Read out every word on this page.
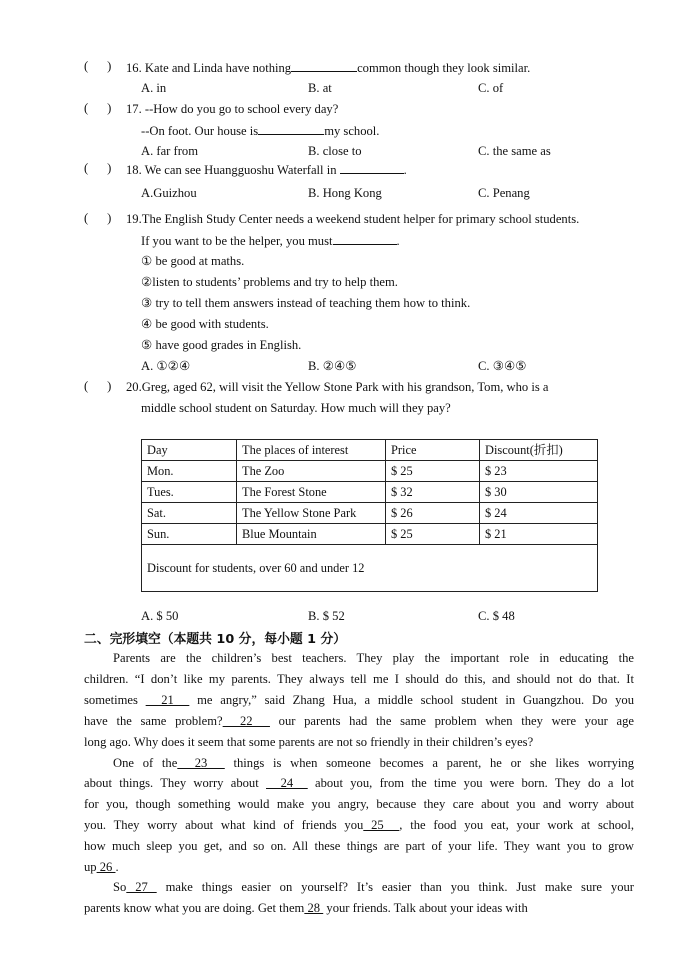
(      ) 16. Kate and Linda have nothing	common though they look similar.
A. in	B. at	C. of
(      ) 17. --How do you go to school every day?
--On foot. Our house is	my school.
A. far from	B. close to	C. the same as
(      ) 18. We can see Huangguoshu Waterfall in	.
A.Guizhou	B. Hong Kong	C. Penang
(      ) 19.The English Study Center needs a weekend student helper for primary school students.
If you want to be the helper, you must	.
① be good at maths.
②listen to students’ problems and try to help them.
③ try to tell them answers instead of teaching them how to think.
④ be good with students.
⑤ have good grades in English.
A. ①②④	B. ②④⑤	C. ③④⑤
(      ) 20.Greg, aged 62, will visit the Yellow Stone Park with his grandson, Tom, who is a
middle school student on Saturday. How much will they pay?
Day	The places of interest	Price	Discount(折扣)
Mon.	The Zoo	$ 25	$ 23
Tues.	The Forest Stone	$ 32	$ 30
Sat.	The Yellow Stone Park	$ 26	$ 24
Sun.	Blue Mountain	$ 25	$ 21
Discount for students, over 60 and under 12			
A. $ 50	B. $ 52	C. $ 48
二、完形填空（本题共 10 分，每小题 1 分）
Parents are the children’s best teachers. They play the important role in educating the
children. “I don’t like my parents. They always tell me I should do this, and should not do that. It
sometimes   21   me angry,” said Zhang Hua, a middle school student in Guangzhou. Do you
have the same problem?  22   our parents had the same problem when they were your age
long ago. Why does it seem that some parents are not so friendly in their children’s eyes?
One of the  23   things is when someone becomes a parent, he or she likes worrying
about things. They worry about   24   about you, from the time you were born. They do a lot
for you, though something would make you angry, because they care about you and worry about
you. They worry about what kind of friends you 25  , the food you eat, your work at school,
how much sleep you get, and so on. All these things are part of your life. They want you to grow
up 26 .
So 27  make things easier on yourself? It’s easier than you think. Just make sure your
parents know what you are doing. Get them 28  your friends. Talk about your ideas with
